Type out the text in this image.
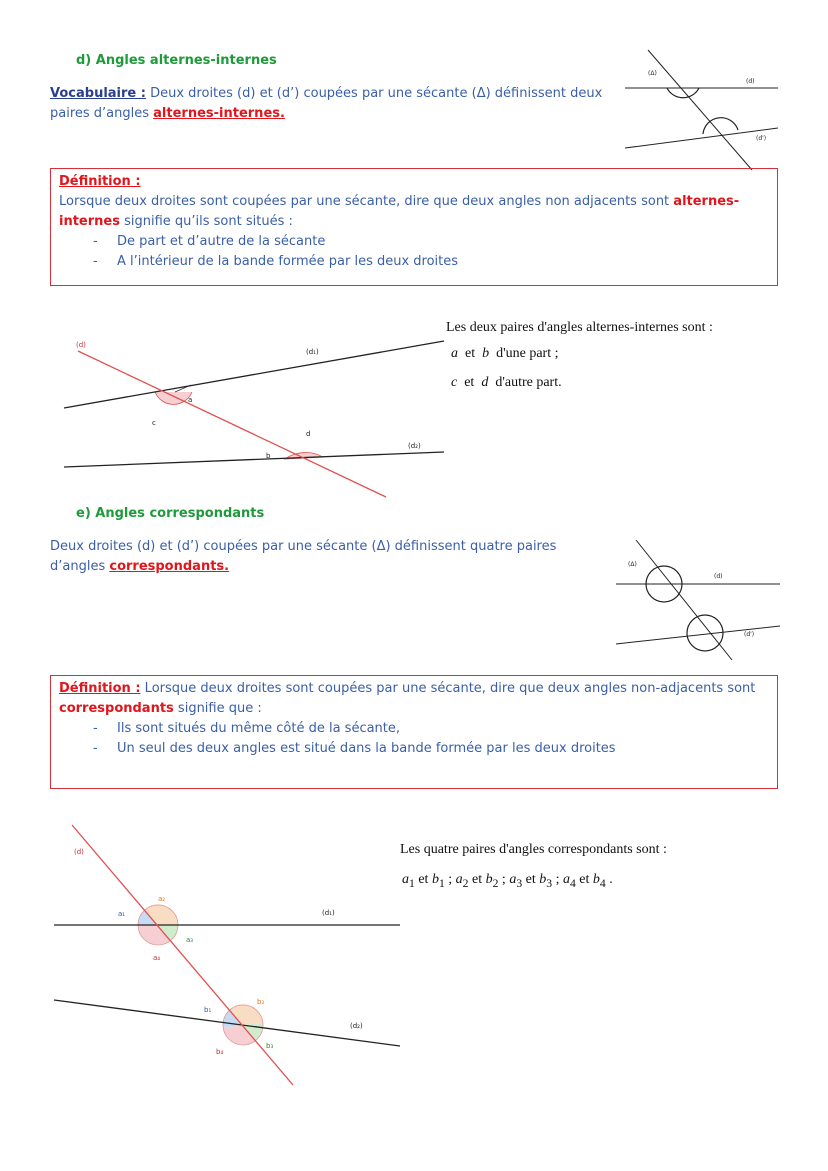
d) Angles alternes-internes
Vocabulaire : Deux droites (d) et (d’) coupées par une sécante (Δ) définissent deux paires d’angles alternes-internes.
(Δ)
(d)
(d')
Définition :
Lorsque deux droites sont coupées par une sécante, dire que deux angles non adjacents sont alternes-
internes signifie qu’ils sont situés :
- De part et d’autre de la sécante
- A l’intérieur de la bande formée par les deux droites
(d)
(d₁)
(d₂)
a
c
b
d
Les deux paires d'angles alternes-internes sont :
a et b d'une part ;
c et d d'autre part.
e) Angles correspondants
Deux droites (d) et (d’) coupées par une sécante (Δ) définissent quatre paires d’angles correspondants.	(Δ)
(d)
(d')
Définition : Lorsque deux droites sont coupées par une sécante, dire que deux angles non-adjacents sont
correspondants signifie que :
- Ils sont situés du même côté de la sécante,
- Un seul des deux angles est situé dans la bande formée par les deux droites
(d)
(d₁)
(d₂)
a₁
a₂
a₃
a₄
b₁
b₂
b₃
b₄
Les quatre paires d'angles correspondants sont :
$a_1$ et $b_1$ ; $a_2$ et $b_2$ ; $a_3$ et $b_3$ ; $a_4$ et $b_4$ .
